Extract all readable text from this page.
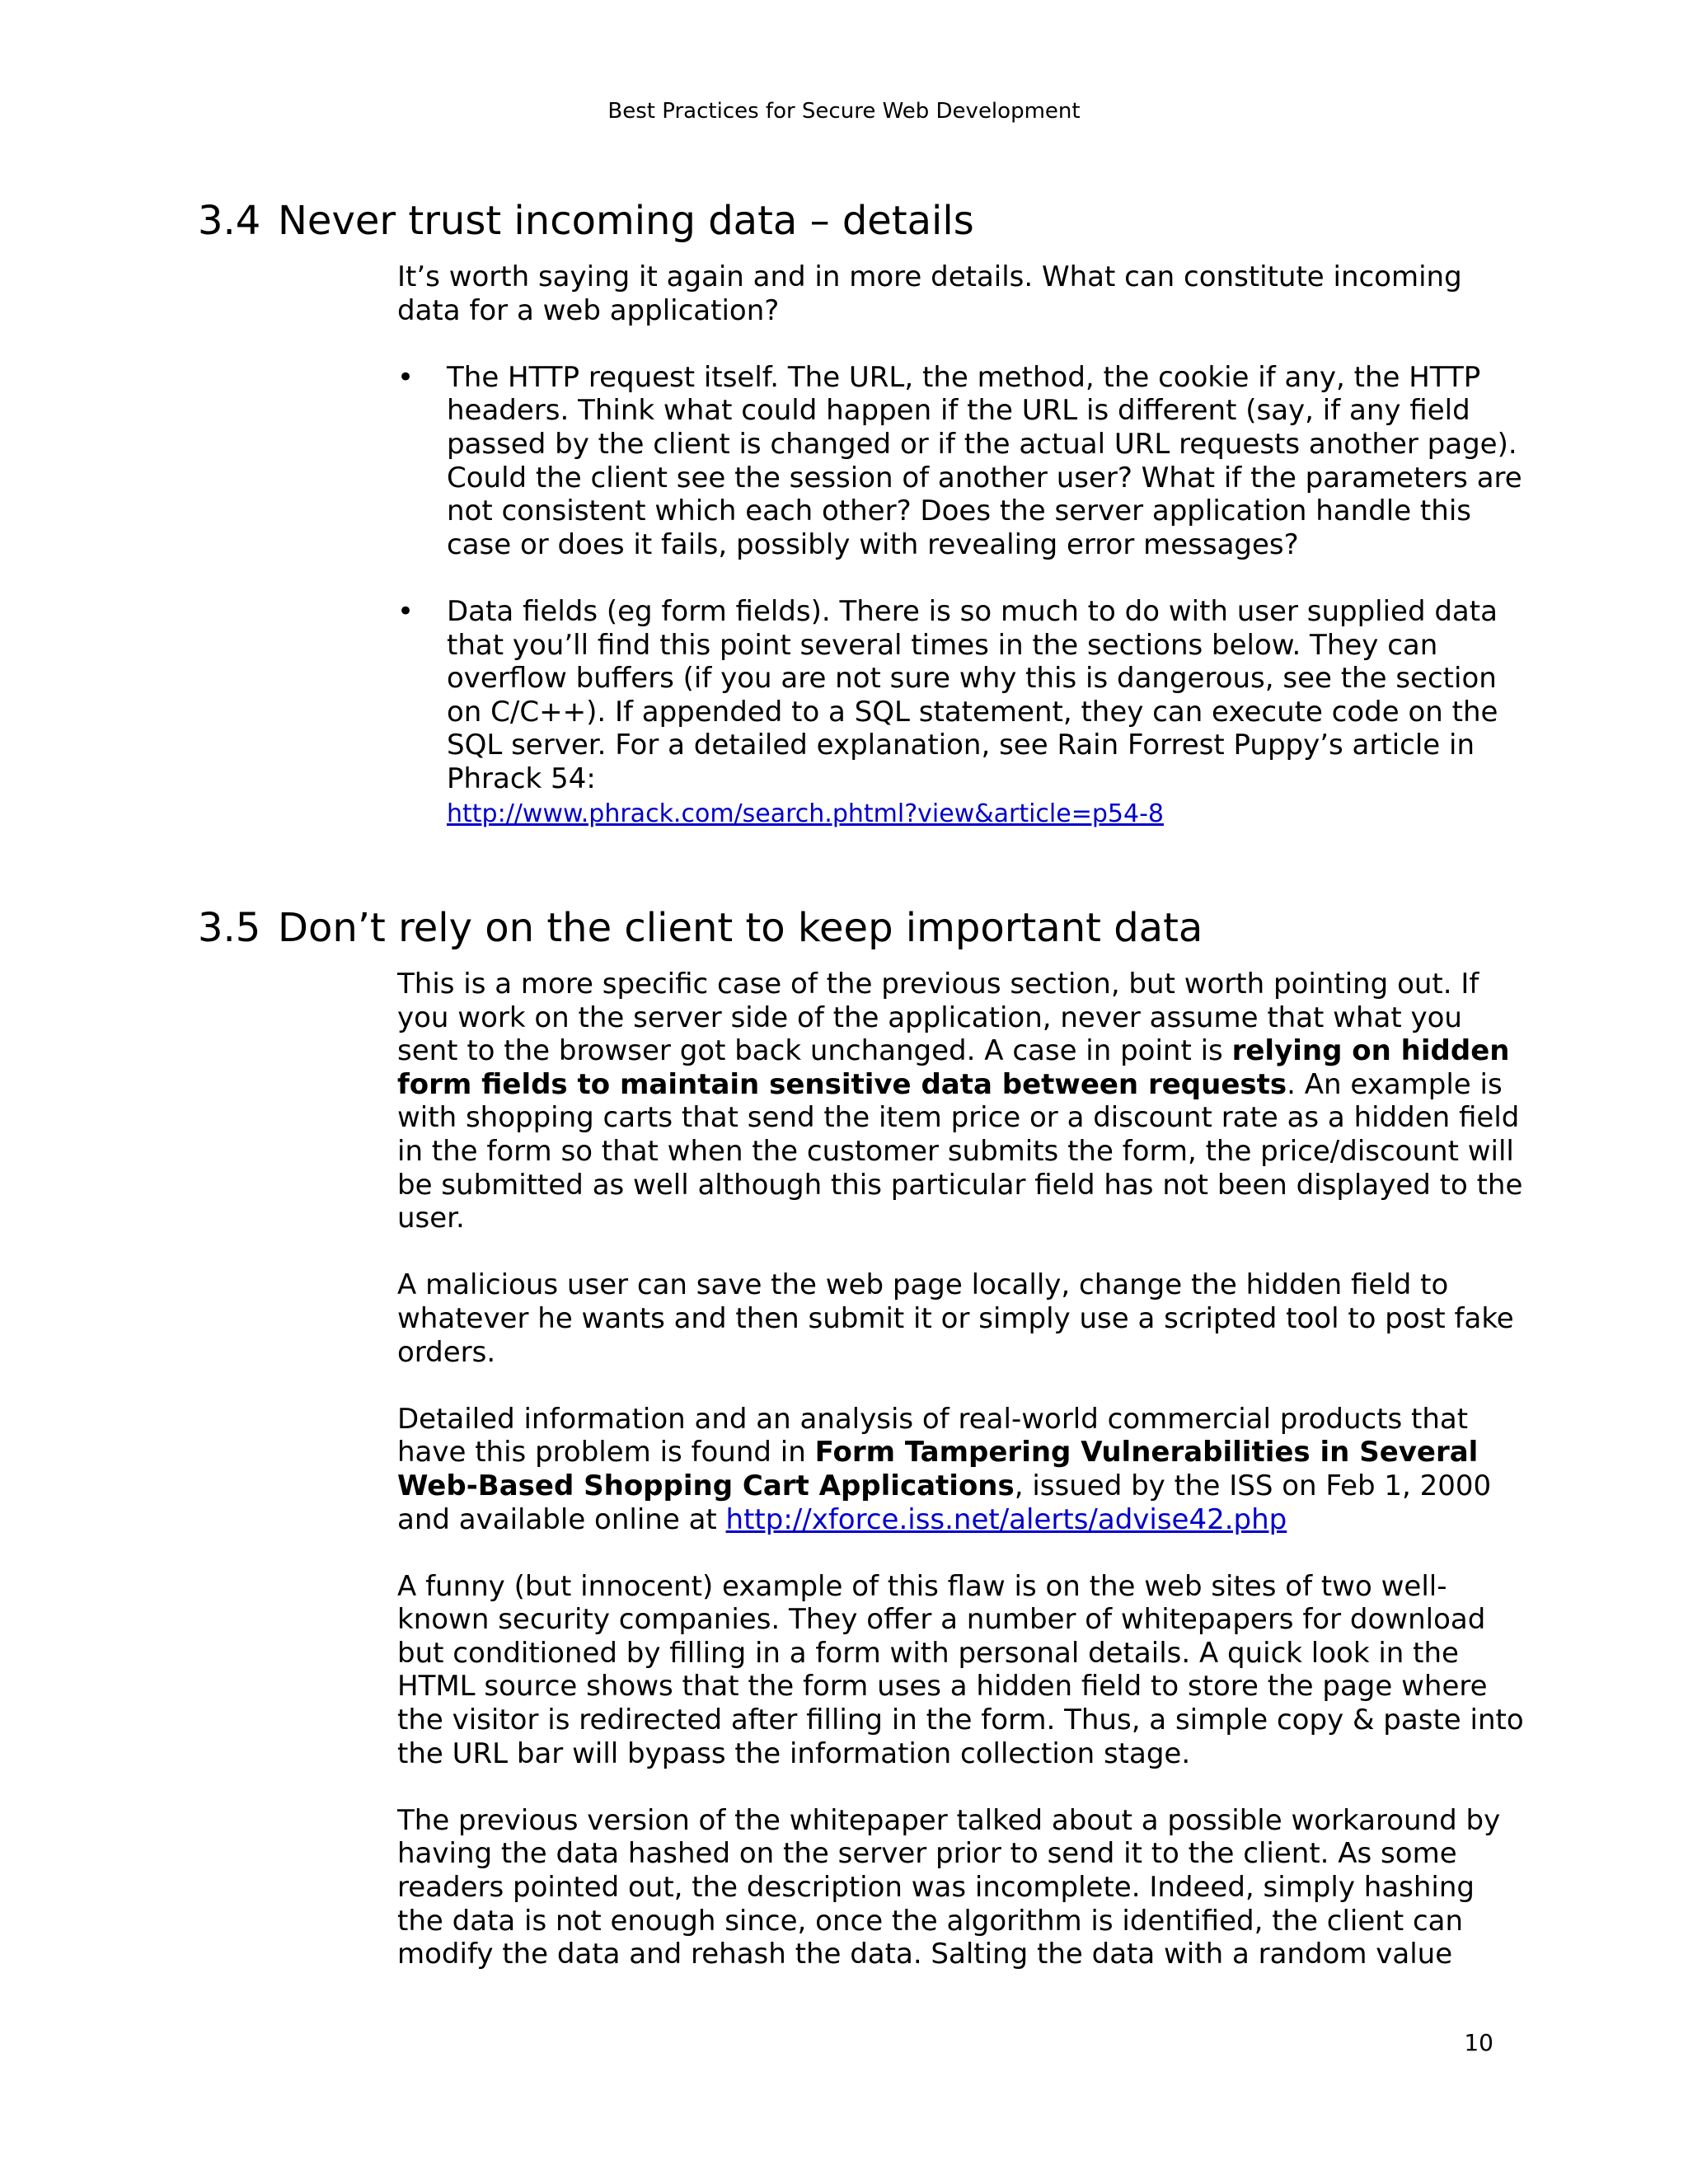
Best Practices for Secure Web Development
3.4 Never trust incoming data – details

It’s worth saying it again and in more details. What can constitute incoming data for a web application?

• The HTTP request itself. The URL, the method, the cookie if any, the HTTP headers. Think what could happen if the URL is different (say, if any field passed by the client is changed or if the actual URL requests another page). Could the client see the session of another user? What if the parameters are not consistent which each other? Does the server application handle this case or does it fails, possibly with revealing error messages?
• Data fields (eg form fields). There is so much to do with user supplied data that you’ll find this point several times in the sections below. They can overflow buffers (if you are not sure why this is dangerous, see the section on C/C++). If appended to a SQL statement, they can execute code on the SQL server. For a detailed explanation, see Rain Forrest Puppy’s article in Phrack 54:
http://www.phrack.com/search.phtml?view&article=p54-8
3.5 Don’t rely on the client to keep important data

This is a more specific case of the previous section, but worth pointing out. If you work on the server side of the application, never assume that what you sent to the browser got back unchanged. A case in point is relying on hidden form fields to maintain sensitive data between requests. An example is with shopping carts that send the item price or a discount rate as a hidden field in the form so that when the customer submits the form, the price/discount will be submitted as well although this particular field has not been displayed to the user.

A malicious user can save the web page locally, change the hidden field to whatever he wants and then submit it or simply use a scripted tool to post fake orders.

Detailed information and an analysis of real-world commercial products that have this problem is found in Form Tampering Vulnerabilities in Several Web-Based Shopping Cart Applications, issued by the ISS on Feb 1, 2000 and available online at http://xforce.iss.net/alerts/advise42.php

A funny (but innocent) example of this flaw is on the web sites of two well-known security companies. They offer a number of whitepapers for download but conditioned by filling in a form with personal details. A quick look in the HTML source shows that the form uses a hidden field to store the page where the visitor is redirected after filling in the form. Thus, a simple copy & paste into the URL bar will bypass the information collection stage.

The previous version of the whitepaper talked about a possible workaround by having the data hashed on the server prior to send it to the client. As some readers pointed out, the description was incomplete. Indeed, simply hashing the data is not enough since, once the algorithm is identified, the client can modify the data and rehash the data. Salting the data with a random value

10
